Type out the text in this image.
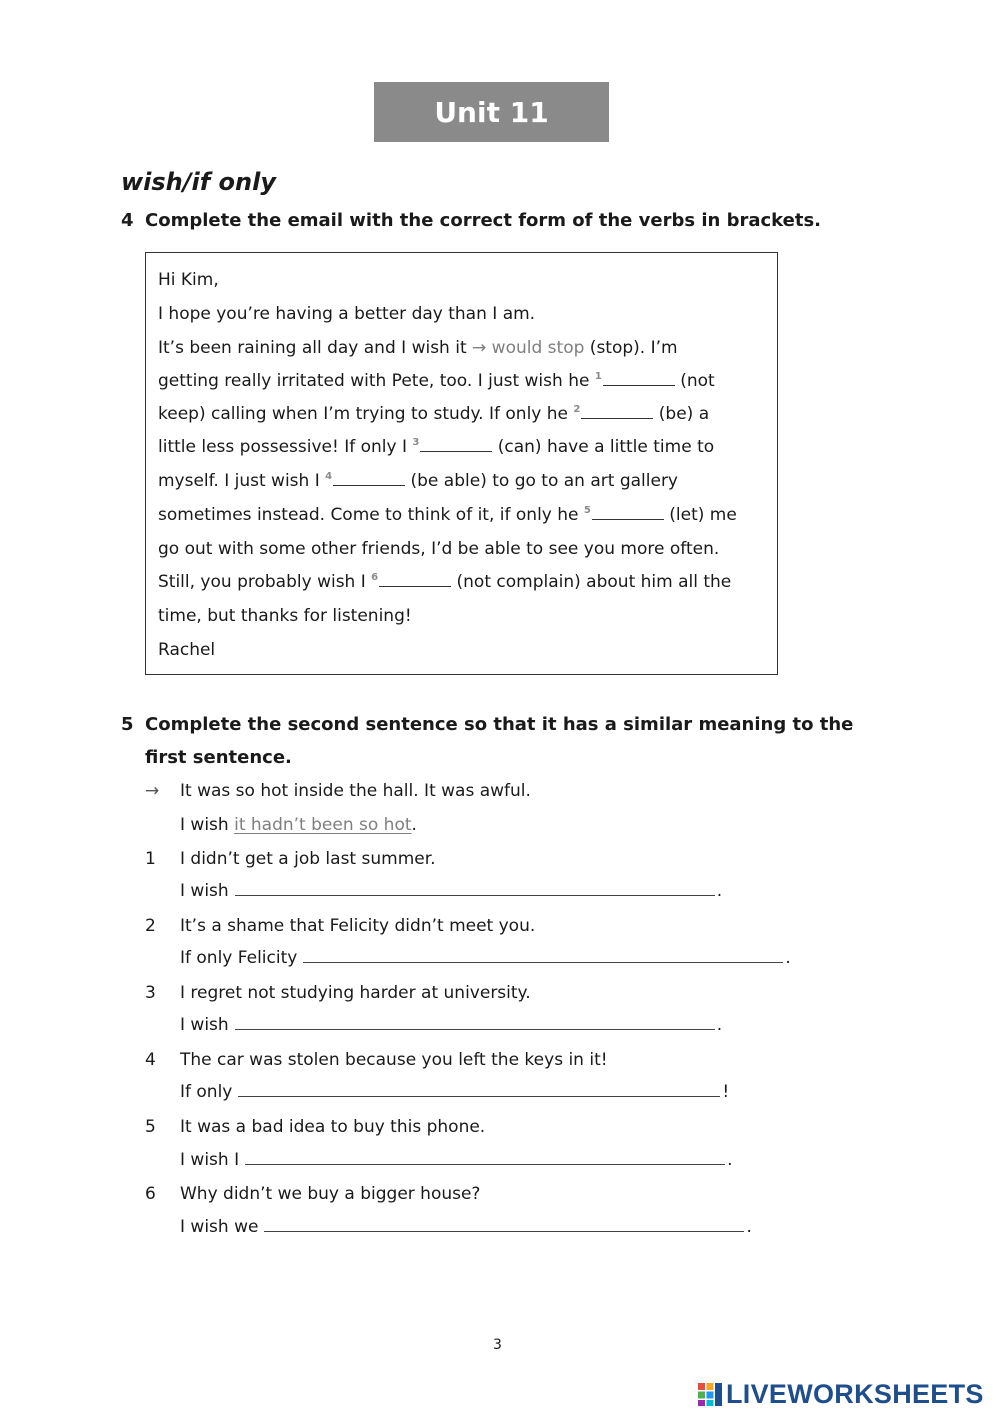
Unit 11
wish/if only
4 Complete the email with the correct form of the verbs in brackets.
Hi Kim,
I hope you’re having a better day than I am.
It’s been raining all day and I wish it → would stop (stop). I’m
getting really irritated with Pete, too. I just wish he $^1$	(not
keep) calling when I’m trying to study. If only he $^2$	(be) a
little less possessive! If only I $^3$	(can) have a little time to
myself. I just wish I $^4$	(be able) to go to an art gallery
sometimes instead. Come to think of it, if only he $^5$	(let) me
go out with some other friends, I’d be able to see you more often.
Still, you probably wish I $^6$	(not complain) about him all the
time, but thanks for listening!
Rachel
5 Complete the second sentence so that it has a similar meaning to the
first sentence.
→ It was so hot inside the hall. It was awful.
I wish it hadn’t been so hot.
1 I didn’t get a job last summer.
I wish	.
2 It’s a shame that Felicity didn’t meet you.
If only Felicity	.
3 I regret not studying harder at university.
I wish	.
4 The car was stolen because you left the keys in it!
If only	!
5 It was a bad idea to buy this phone.
I wish I	.
6 Why didn’t we buy a bigger house?
I wish we	.
3
LIVEWORKSHEETS
